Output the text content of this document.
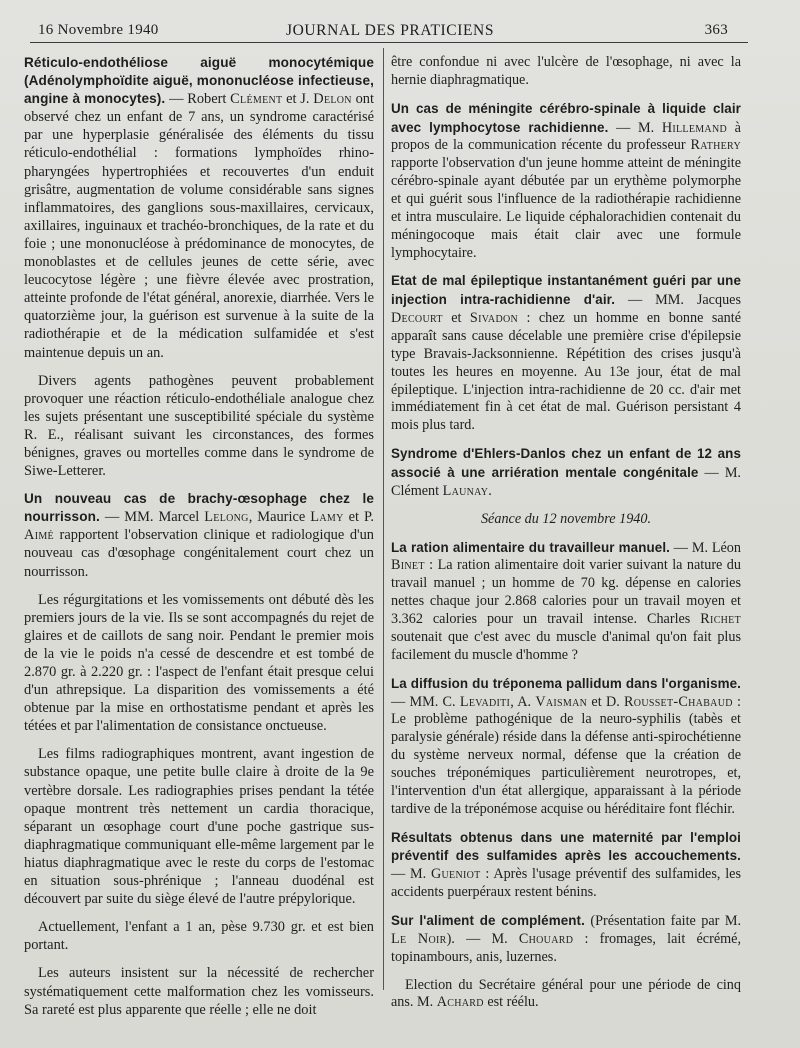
16 Novembre 1940	JOURNAL DES PRATICIENS	363

Réticulo-endothéliose aiguë monocytémique (Adénolymphoïdite aiguë, mononucléose infectieuse, angine à monocytes). — Robert Clément et J. Delon ont observé chez un enfant de 7 ans, un syndrome caractérisé par une hyperplasie généralisée des éléments du tissu réticulo-endothélial : formations lymphoïdes rhino-pharyngées hypertrophiées et recouvertes d'un enduit grisâtre, augmentation de volume considérable sans signes inflammatoires, des ganglions sous-maxillaires, cervicaux, axillaires, inguinaux et trachéo-bronchiques, de la rate et du foie ; une mononucléose à prédominance de monocytes, de monoblastes et de cellules jeunes de cette série, avec leucocytose légère ; une fièvre élevée avec prostration, atteinte profonde de l'état général, anorexie, diarrhée. Vers le quatorzième jour, la guérison est survenue à la suite de la radiothérapie et de la médication sulfamidée et s'est maintenue depuis un an.

Divers agents pathogènes peuvent probablement provoquer une réaction réticulo-endothéliale analogue chez les sujets présentant une susceptibilité spéciale du système R. E., réalisant suivant les circonstances, des formes bénignes, graves ou mortelles comme dans le syndrome de Siwe-Letterer.

Un nouveau cas de brachy-œsophage chez le nourrisson. — MM. Marcel Lelong, Maurice Lamy et P. Aimé rapportent l'observation clinique et radiologique d'un nouveau cas d'œsophage congénitalement court chez un nourrisson.

Les régurgitations et les vomissements ont débuté dès les premiers jours de la vie. Ils se sont accompagnés du rejet de glaires et de caillots de sang noir. Pendant le premier mois de la vie le poids n'a cessé de descendre et est tombé de 2.870 gr. à 2.220 gr. : l'aspect de l'enfant était presque celui d'un athrepsique. La disparition des vomissements a été obtenue par la mise en orthostatisme pendant et après les tétées et par l'alimentation de consistance onctueuse.

Les films radiographiques montrent, avant ingestion de substance opaque, une petite bulle claire à droite de la 9e vertèbre dorsale. Les radiographies prises pendant la tétée opaque montrent très nettement un cardia thoracique, séparant un œsophage court d'une poche gastrique sus-diaphragmatique communiquant elle-même largement par le hiatus diaphragmatique avec le reste du corps de l'estomac en situation sous-phrénique ; l'anneau duodénal est découvert par suite du siège élevé de l'autre prépylorique.

Actuellement, l'enfant a 1 an, pèse 9.730 gr. et est bien portant.

Les auteurs insistent sur la nécessité de rechercher systématiquement cette malformation chez les vomisseurs. Sa rareté est plus apparente que réelle ; elle ne doit

être confondue ni avec l'ulcère de l'œsophage, ni avec la hernie diaphragmatique.

Un cas de méningite cérébro-spinale à liquide clair avec lymphocytose rachidienne. — M. Hillemand à propos de la communication récente du professeur Rathery rapporte l'observation d'un jeune homme atteint de méningite cérébro-spinale ayant débutée par un erythème polymorphe et qui guérit sous l'influence de la radiothérapie rachidienne et intra musculaire. Le liquide céphalorachidien contenait du méningocoque mais était clair avec une formule lymphocytaire.

Etat de mal épileptique instantanément guéri par une injection intra-rachidienne d'air. — MM. Jacques Decourt et Sivadon : chez un homme en bonne santé apparaît sans cause décelable une première crise d'épilepsie type Bravais-Jacksonnienne. Répétition des crises jusqu'à toutes les heures en moyenne. Au 13e jour, état de mal épileptique. L'injection intra-rachidienne de 20 cc. d'air met immédiatement fin à cet état de mal. Guérison persistant 4 mois plus tard.

Syndrome d'Ehlers-Danlos chez un enfant de 12 ans associé à une arriération mentale congénitale — M. Clément Launay.

Séance du 12 novembre 1940.

La ration alimentaire du travailleur manuel. — M. Léon Binet : La ration alimentaire doit varier suivant la nature du travail manuel ; un homme de 70 kg. dépense en calories nettes chaque jour 2.868 calories pour un travail moyen et 3.362 calories pour un travail intense. Charles Richet soutenait que c'est avec du muscle d'animal qu'on fait plus facilement du muscle d'homme ?

La diffusion du tréponema pallidum dans l'organisme. — MM. C. Levaditi, A. Vaisman et D. Rousset-Chabaud : Le problème pathogénique de la neuro-syphilis (tabès et paralysie générale) réside dans la défense anti-spirochétienne du système nerveux normal, défense que la création de souches tréponémiques particulièrement neurotropes, et, l'intervention d'un état allergique, apparaissant à la période tardive de la tréponémose acquise ou héréditaire font fléchir.

Résultats obtenus dans une maternité par l'emploi préventif des sulfamides après les accouchements. — M. Gueniot : Après l'usage préventif des sulfamides, les accidents puerpéraux restent bénins.

Sur l'aliment de complément. (Présentation faite par M. Le Noir). — M. Chouard : fromages, lait écrémé, topinambours, anis, luzernes.

Election du Secrétaire général pour une période de cinq ans. M. Achard est réélu.
